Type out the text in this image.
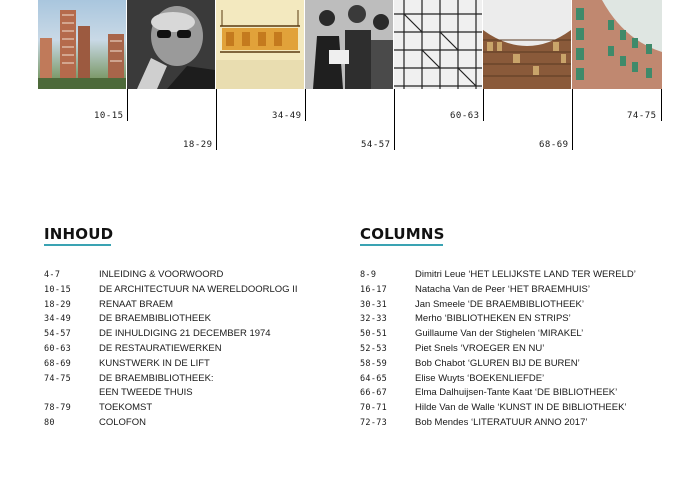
10-15
18-29
34-49
54-57
60-63
68-69
74-75
INHOUD
4-7	INLEIDING & VOORWOORD
10-15	DE ARCHITECTUUR NA WERELDOORLOG II
18-29	RENAAT BRAEM
34-49	DE BRAEMBIBLIOTHEEK
54-57	DE INHULDIGING 21 DECEMBER 1974
60-63	DE RESTAURATIEWERKEN
68-69	KUNSTWERK IN DE LIFT
74-75	DE BRAEMBIBLIOTHEEK:
EEN TWEEDE THUIS
78-79	TOEKOMST
80	COLOFON
COLUMNS
8-9	Dimitri Leue ‘HET LELIJKSTE LAND TER WERELD’
16-17	Natacha Van de Peer ‘HET BRAEMHUIS’
30-31	Jan Smeele ‘DE BRAEMBIBLIOTHEEK’
32-33	Merho ‘BIBLIOTHEKEN EN STRIPS’
50-51	Guillaume Van der Stighelen ‘MIRAKEL’
52-53	Piet Snels ‘VROEGER EN NU’
58-59	Bob Chabot ‘GLUREN BIJ DE BUREN’
64-65	Elise Wuyts ‘BOEKENLIEFDE’
66-67	Elma Dalhuijsen-Tante Kaat ‘DE BIBLIOTHEEK’
70-71	Hilde Van de Walle ‘KUNST IN DE BIBLIOTHEEK’
72-73	Bob Mendes ‘LITERATUUR ANNO 2017’
